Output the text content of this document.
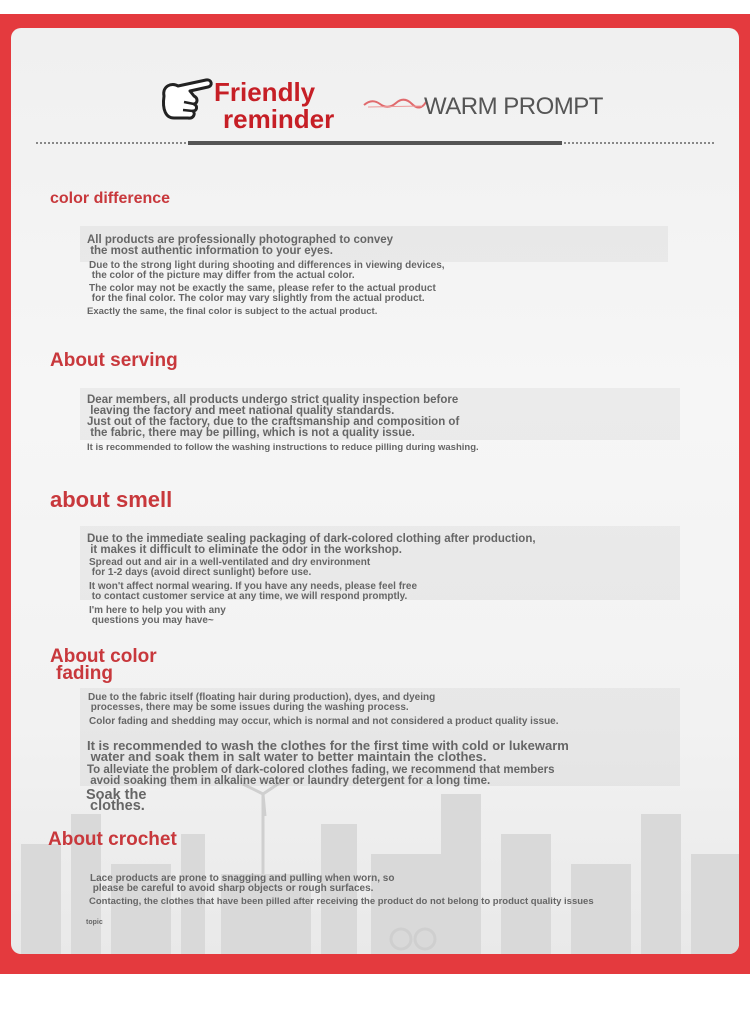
Friendly
reminder	WARM PROMPT
color difference

All products are professionally photographed to convey
the most authentic information to your eyes.

Due to the strong light during shooting and differences in viewing devices,
the color of the picture may differ from the actual color.

The color may not be exactly the same, please refer to the actual product
for the final color. The color may vary slightly from the actual product.

Exactly the same, the final color is subject to the actual product.

About serving

Dear members, all products undergo strict quality inspection before
leaving the factory and meet national quality standards.
Just out of the factory, due to the craftsmanship and composition of
the fabric, there may be pilling, which is not a quality issue.

It is recommended to follow the washing instructions to reduce pilling during washing.

about smell

Due to the immediate sealing packaging of dark-colored clothing after production,
it makes it difficult to eliminate the odor in the workshop.

Spread out and air in a well-ventilated and dry environment
for 1-2 days (avoid direct sunlight) before use.

It won't affect normal wearing. If you have any needs, please feel free
to contact customer service at any time, we will respond promptly.

I'm here to help you with any
questions you may have~

About color
fading

Due to the fabric itself (floating hair during production), dyes, and dyeing
processes, there may be some issues during the washing process.

Color fading and shedding may occur, which is normal and not considered a product quality issue.

It is recommended to wash the clothes for the first time with cold or lukewarm
water and soak them in salt water to better maintain the clothes.

To alleviate the problem of dark-colored clothes fading, we recommend that members
avoid soaking them in alkaline water or laundry detergent for a long time.

Soak the
clothes.

About crochet

Lace products are prone to snagging and pulling when worn, so
please be careful to avoid sharp objects or rough surfaces.

Contacting, the clothes that have been pilled after receiving the product do not belong to product quality issues

topic
